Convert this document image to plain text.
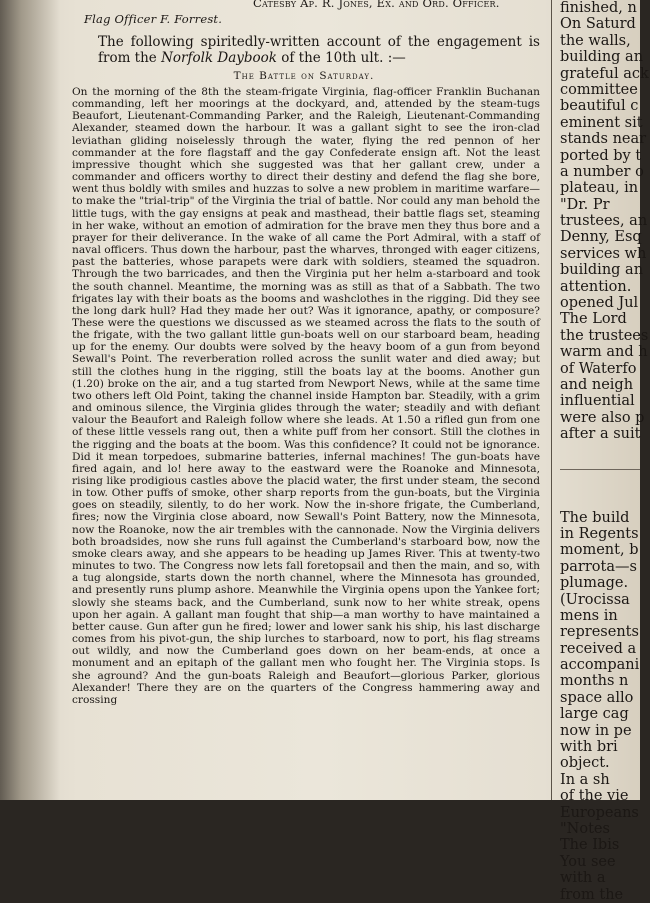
Flag Officer F. Forrest.
Catesby Ap. R. Jones, Ex. and Ord. Officer.
The following spiritedly-written account of the engagement is from the Norfolk Daybook of the 10th ult. :—
The Battle on Saturday.
On the morning of the 8th the steam-frigate Virginia, flag-officer Franklin Buchanan commanding, left her moorings at the dockyard, and, attended by the steam-tugs Beaufort, Lieutenant-Commanding Parker, and the Raleigh, Lieutenant-Commanding Alexander, steamed down the harbour. It was a gallant sight to see the iron-clad leviathan gliding noiselessly through the water, flying the red pennon of her commander at the fore flagstaff and the gay Confederate ensign aft. Not the least impressive thought which she suggested was that her gallant crew, under a commander and officers worthy to direct their destiny and defend the flag she bore, went thus boldly with smiles and huzzas to solve a new problem in maritime warfare—to make the "trial-trip" of the Virginia the trial of battle. Nor could any man behold the little tugs, with the gay ensigns at peak and masthead, their battle flags set, steaming in her wake, without an emotion of admiration for the brave men they thus bore and a prayer for their deliverance. In the wake of all came the Port Admiral, with a staff of naval officers. Thus down the harbour, past the wharves, thronged with eager citizens, past the batteries, whose parapets were dark with soldiers, steamed the squadron. Through the two barricades, and then the Virginia put her helm a-starboard and took the south channel. Meantime, the morning was as still as that of a Sabbath. The two frigates lay with their boats as the booms and washclothes in the rigging. Did they see the long dark hull? Had they made her out? Was it ignorance, apathy, or composure? These were the questions we discussed as we steamed across the flats to the south of the frigate, with the two gallant little gun-boats well on our starboard beam, heading up for the enemy. Our doubts were solved by the heavy boom of a gun from beyond Sewall's Point. The reverberation rolled across the sunlit water and died away; but still the clothes hung in the rigging, still the boats lay at the booms. Another gun (1.20) broke on the air, and a tug started from Newport News, while at the same time two others left Old Point, taking the channel inside Hampton bar. Steadily, with a grim and ominous silence, the Virginia glides through the water; steadily and with defiant valour the Beaufort and Raleigh follow where she leads. At 1.50 a rifled gun from one of these little vessels rang out, then a white puff from her consort. Still the clothes in the rigging and the boats at the boom. Was this confidence? It could not be ignorance. Did it mean torpedoes, submarine batteries, infernal machines! The gun-boats have fired again, and lo! here away to the eastward were the Roanoke and Minnesota, rising like prodigious castles above the placid water, the first under steam, the second in tow. Other puffs of smoke, other sharp reports from the gun-boats, but the Virginia goes on steadily, silently, to do her work. Now the in-shore frigate, the Cumberland, fires; now the Virginia close aboard, now Sewall's Point Battery, now the Minnesota, now the Roanoke, now the air trembles with the cannonade. Now the Virginia delivers both broadsides, now she runs full against the Cumberland's starboard bow, now the smoke clears away, and she appears to be heading up James River. This at twenty-two minutes to two. The Congress now lets fall foretopsail and then the main, and so, with a tug alongside, starts down the north channel, where the Minnesota has grounded, and presently runs plump ashore. Meanwhile the Virginia opens upon the Yankee fort; slowly she steams back, and the Cumberland, sunk now to her white streak, opens upon her again. A gallant man fought that ship—a man worthy to have maintained a better cause. Gun after gun he fired; lower and lower sank his ship, his last discharge comes from his pivot-gun, the ship lurches to starboard, now to port, his flag streams out wildly, and now the Cumberland goes down on her beam-ends, at once a monument and an epitaph of the gallant men who fought her. The Virginia stops. Is she aground? And the gun-boats Raleigh and Beaufort—glorious Parker, glorious Alexander! There they are on the quarters of the Congress hammering away and crossing
finished, n
On Saturd
the walls,
building an
grateful ack
committee
beautiful c
eminent sit
stands near
ported by t
a number o
plateau, in
"Dr. Pr
trustees, an
Denny, Esq
services wh
building an
attention.
opened Jul
The Lord
the trustees
warm and h
of Waterfo
and neigh
influential
were also p
after a suit
The build
in Regents
moment, b
parrota—s
plumage.
(Urocissa
mens in
represents
received a
accompani
months n
space allo
large cag
now in pe
with bri
object.
In a sh
of the vie
Europeans
"Notes
The Ibis
You see
with a
from the
